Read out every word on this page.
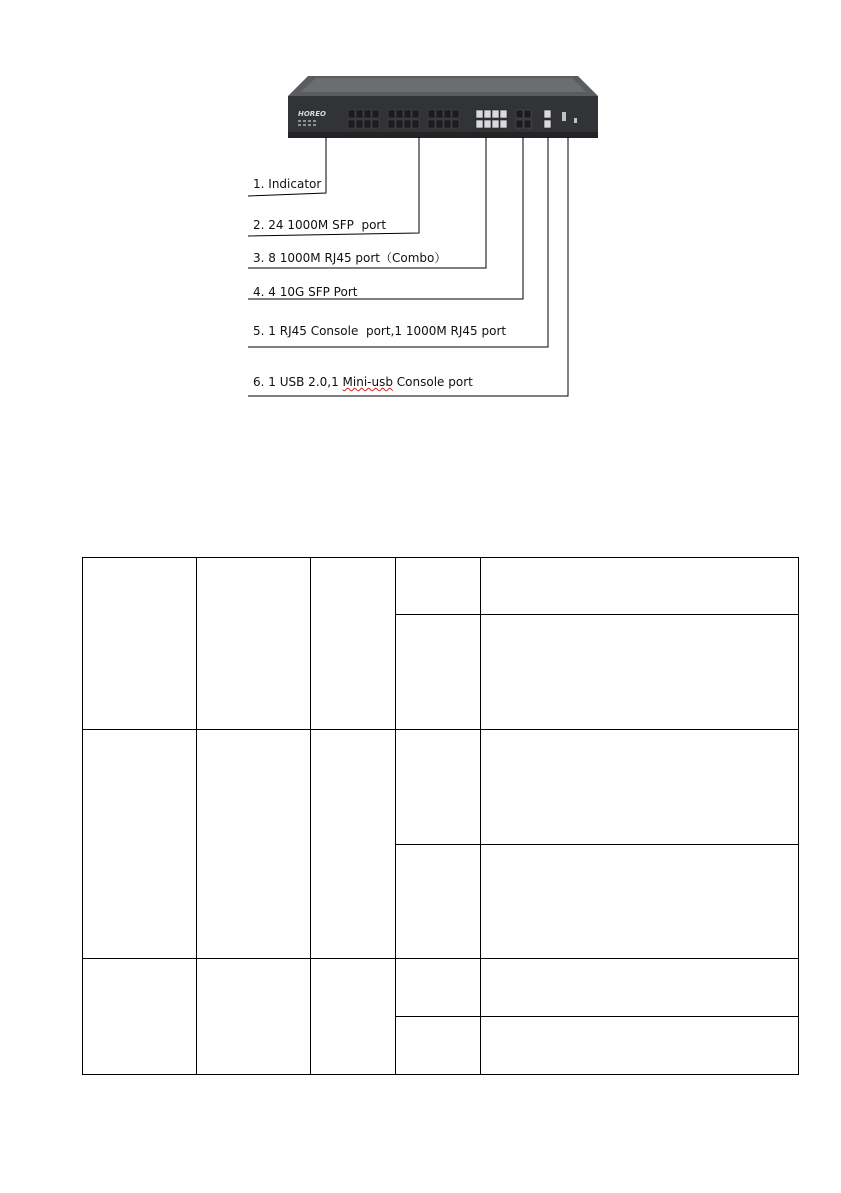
HOREO
1. Indicator
2. 24 1000M SFP  port
3. 8 1000M RJ45 port（Combo）
4. 4 10G SFP Port
5. 1 RJ45 Console  port,1 1000M RJ45 port
6. 1 USB 2.0,1 Mini-usb Console port
